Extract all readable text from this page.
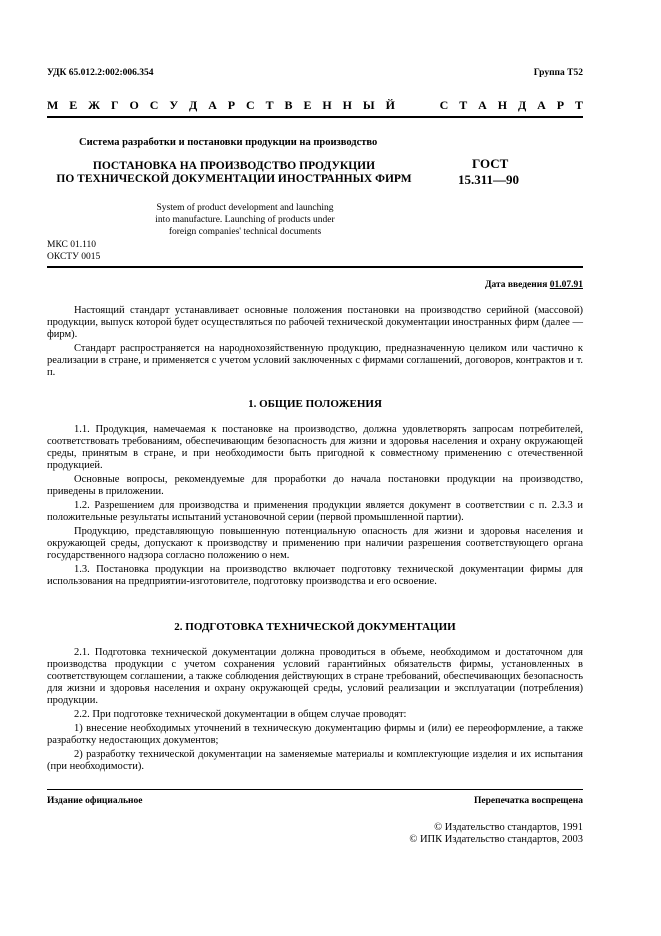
УДК 65.012.2:002:006.354	Группа Т52
М Е Ж Г О С У Д А Р С Т В Е Н Н Ы Й	С Т А Н Д А Р Т
Система разработки и постановки продукции на производство
ПОСТАНОВКА НА ПРОИЗВОДСТВО ПРОДУКЦИИ
ПО ТЕХНИЧЕСКОЙ ДОКУМЕНТАЦИИ ИНОСТРАННЫХ ФИРМ
ГОСТ
15.311—90
System of product development and launching
into manufacture. Launching of products under
foreign companies' technical documents
МКС 01.110
ОКСТУ 0015
Дата введения 01.07.91

Настоящий стандарт устанавливает основные положения постановки на производство серийной (массовой) продукции, выпуск которой будет осуществляться по рабочей технической документации иностранных фирм (далее — фирм).

Стандарт распространяется на народнохозяйственную продукцию, предназначенную целиком или частично к реализации в стране, и применяется с учетом условий заключенных с фирмами соглашений, договоров, контрактов и т. п.

1. ОБЩИЕ ПОЛОЖЕНИЯ

1.1. Продукция, намечаемая к постановке на производство, должна удовлетворять запросам потребителей, соответствовать требованиям, обеспечивающим безопасность для жизни и здоровья населения и охрану окружающей среды, принятым в стране, и при необходимости быть пригодной к совместному применению с отечественной продукцией.

Основные вопросы, рекомендуемые для проработки до начала постановки продукции на производство, приведены в приложении.

1.2. Разрешением для производства и применения продукции является документ в соответствии с п. 2.3.3 и положительные результаты испытаний установочной серии (первой промышленной партии).

Продукцию, представляющую повышенную потенциальную опасность для жизни и здоровья населения и окружающей среды, допускают к производству и применению при наличии разрешения соответствующего органа государственного надзора согласно положению о нем.

1.3. Постановка продукции на производство включает подготовку технической документации фирмы для использования на предприятии-изготовителе, подготовку производства и его освоение.

2. ПОДГОТОВКА ТЕХНИЧЕСКОЙ ДОКУМЕНТАЦИИ

2.1. Подготовка технической документации должна проводиться в объеме, необходимом и достаточном для производства продукции с учетом сохранения условий гарантийных обязательств фирмы, установленных в соответствующем соглашении, а также соблюдения действующих в стране требований, обеспечивающих безопасность для жизни и здоровья населения и охрану окружающей среды, условий реализации и эксплуатации (потребления) продукции.

2.2. При подготовке технической документации в общем случае проводят:

1) внесение необходимых уточнений в техническую документацию фирмы и (или) ее переоформление, а также разработку недостающих документов;

2) разработку технической документации на заменяемые материалы и комплектующие изделия и их испытания (при необходимости).

Издание официальное	Перепечатка воспрещена
© Издательство стандартов, 1991
© ИПК Издательство стандартов, 2003
